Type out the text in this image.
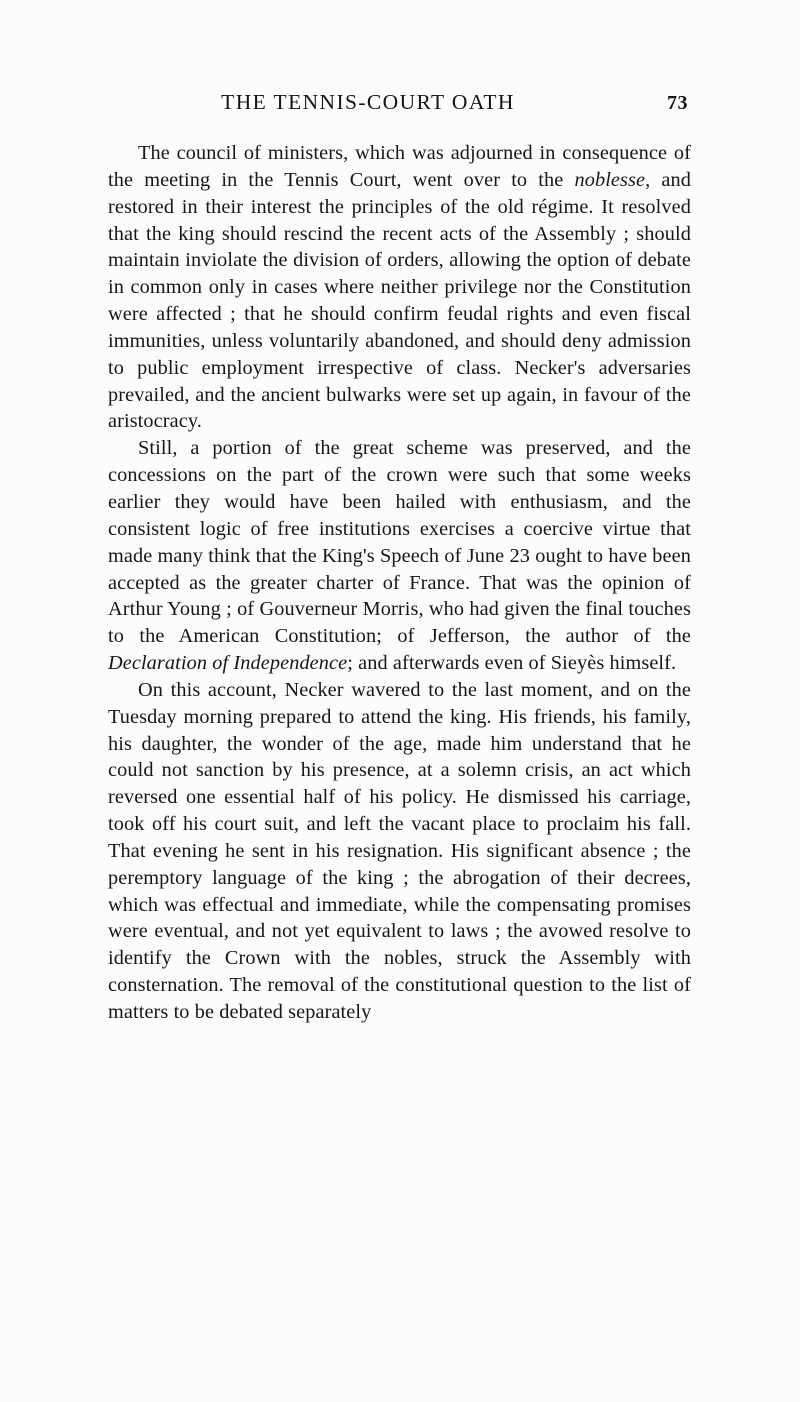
THE TENNIS-COURT OATH	73

The council of ministers, which was adjourned in consequence of the meeting in the Tennis Court, went over to the noblesse, and restored in their interest the principles of the old régime. It resolved that the king should rescind the recent acts of the Assembly ; should maintain inviolate the division of orders, allowing the option of debate in common only in cases where neither privilege nor the Constitution were affected ; that he should confirm feudal rights and even fiscal immunities, unless voluntarily abandoned, and should deny admission to public employment irrespective of class. Necker's adversaries prevailed, and the ancient bulwarks were set up again, in favour of the aristocracy.

Still, a portion of the great scheme was preserved, and the concessions on the part of the crown were such that some weeks earlier they would have been hailed with enthusiasm, and the consistent logic of free institutions exercises a coercive virtue that made many think that the King's Speech of June 23 ought to have been accepted as the greater charter of France. That was the opinion of Arthur Young ; of Gouverneur Morris, who had given the final touches to the American Constitution; of Jefferson, the author of the Declaration of Independence; and afterwards even of Sieyès himself.

On this account, Necker wavered to the last moment, and on the Tuesday morning prepared to attend the king. His friends, his family, his daughter, the wonder of the age, made him understand that he could not sanction by his presence, at a solemn crisis, an act which reversed one essential half of his policy. He dismissed his carriage, took off his court suit, and left the vacant place to proclaim his fall. That evening he sent in his resignation. His significant absence ; the peremptory language of the king ; the abrogation of their decrees, which was effectual and immediate, while the compensating promises were eventual, and not yet equivalent to laws ; the avowed resolve to identify the Crown with the nobles, struck the Assembly with consternation. The removal of the constitutional question to the list of matters to be debated separately
